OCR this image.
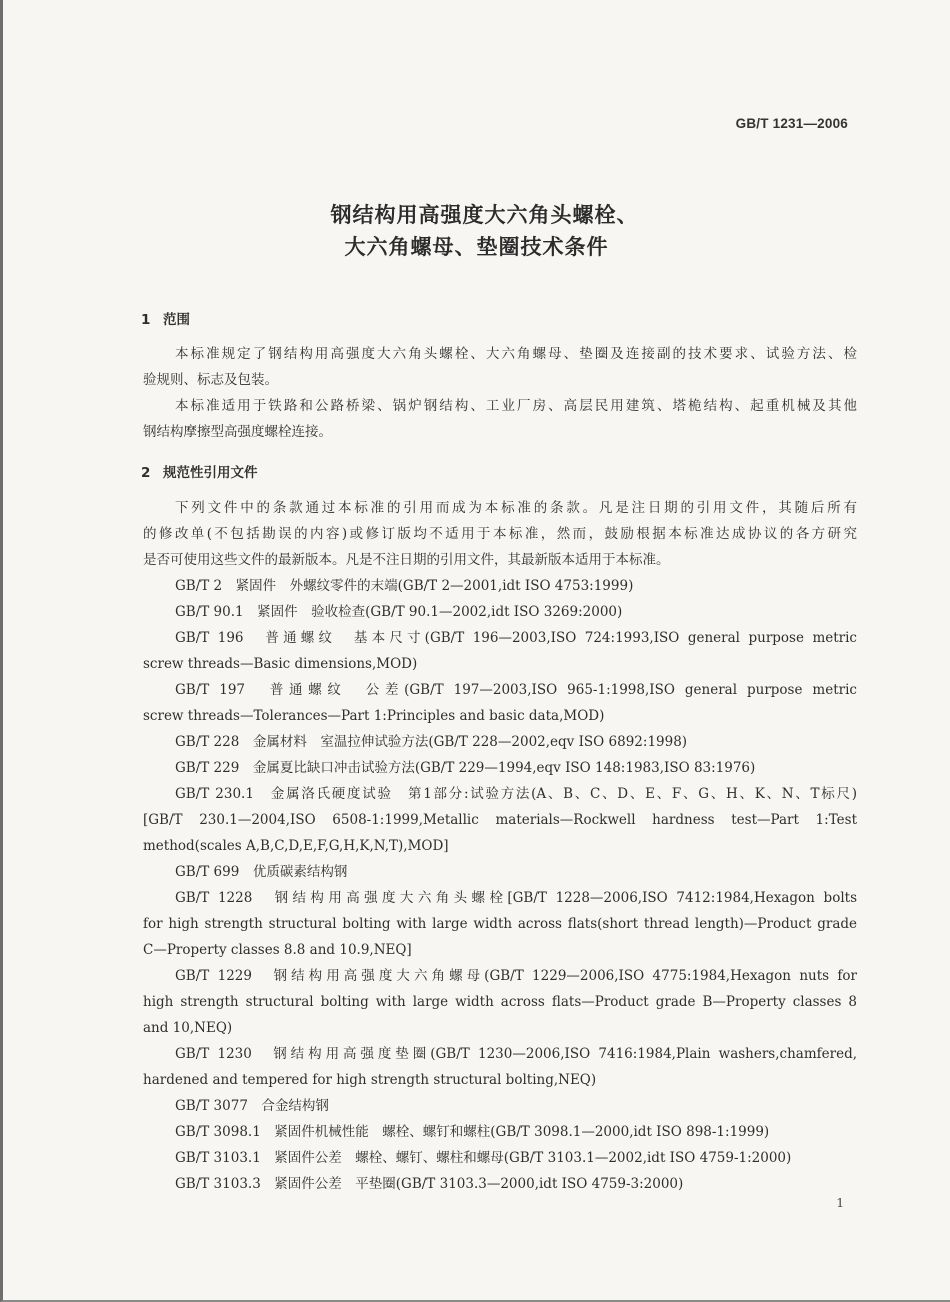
GB/T 1231—2006
钢结构用高强度大六角头螺栓、
大六角螺母、垫圈技术条件
1 范围
本标准规定了钢结构用高强度大六角头螺栓、大六角螺母、垫圈及连接副的技术要求、试验方法、检
验规则、标志及包装。
本标准适用于铁路和公路桥梁、锅炉钢结构、工业厂房、高层民用建筑、塔桅结构、起重机械及其他
钢结构摩擦型高强度螺栓连接。
2 规范性引用文件
下列文件中的条款通过本标准的引用而成为本标准的条款。凡是注日期的引用文件，其随后所有
的修改单(不包括勘误的内容)或修订版均不适用于本标准，然而，鼓励根据本标准达成协议的各方研究
是否可使用这些文件的最新版本。凡是不注日期的引用文件，其最新版本适用于本标准。
GB/T 2　紧固件　外螺纹零件的末端(GB/T 2—2001,idt ISO 4753:1999)
GB/T 90.1　紧固件　验收检查(GB/T 90.1—2002,idt ISO 3269:2000)
GB/T 196　普通螺纹　基本尺寸(GB/T 196—2003,ISO 724:1993,ISO general purpose metric
screw threads—Basic dimensions,MOD)
GB/T 197　普通螺纹　公差(GB/T 197—2003,ISO 965-1:1998,ISO general purpose metric
screw threads—Tolerances—Part 1:Principles and basic data,MOD)
GB/T 228　金属材料　室温拉伸试验方法(GB/T 228—2002,eqv ISO 6892:1998)
GB/T 229　金属夏比缺口冲击试验方法(GB/T 229—1994,eqv ISO 148:1983,ISO 83:1976)
GB/T 230.1　金属洛氏硬度试验　第1部分:试验方法(A、B、C、D、E、F、G、H、K、N、T标尺)
[GB/T 230.1—2004,ISO 6508-1:1999,Metallic materials—Rockwell hardness test—Part 1:Test
method(scales A,B,C,D,E,F,G,H,K,N,T),MOD]
GB/T 699　优质碳素结构钢
GB/T 1228　钢结构用高强度大六角头螺栓[GB/T 1228—2006,ISO 7412:1984,Hexagon bolts
for high strength structural bolting with large width across flats(short thread length)—Product grade
C—Property classes 8.8 and 10.9,NEQ]
GB/T 1229　钢结构用高强度大六角螺母(GB/T 1229—2006,ISO 4775:1984,Hexagon nuts for
high strength structural bolting with large width across flats—Product grade B—Property classes 8
and 10,NEQ)
GB/T 1230　钢结构用高强度垫圈(GB/T 1230—2006,ISO 7416:1984,Plain washers,chamfered,
hardened and tempered for high strength structural bolting,NEQ)
GB/T 3077　合金结构钢
GB/T 3098.1　紧固件机械性能　螺栓、螺钉和螺柱(GB/T 3098.1—2000,idt ISO 898-1:1999)
GB/T 3103.1　紧固件公差　螺栓、螺钉、螺柱和螺母(GB/T 3103.1—2002,idt ISO 4759-1:2000)
GB/T 3103.3　紧固件公差　平垫圈(GB/T 3103.3—2000,idt ISO 4759-3:2000)
1
